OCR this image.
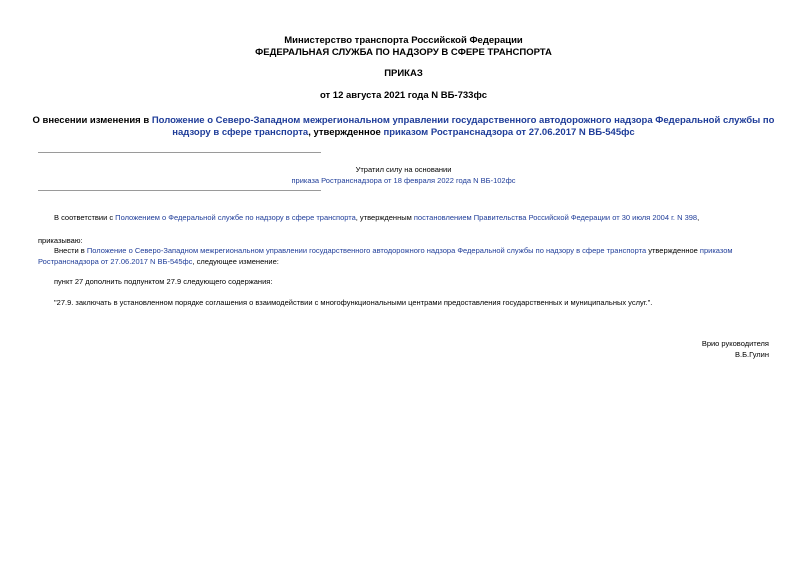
Министерство транспорта Российской Федерации
ФЕДЕРАЛЬНАЯ СЛУЖБА ПО НАДЗОРУ В СФЕРЕ ТРАНСПОРТА
ПРИКАЗ
от 12 августа 2021 года N ВБ-733фс
О внесении изменения в Положение о Северо-Западном межрегиональном управлении государственного автодорожного надзора Федеральной службы по надзору в сфере транспорта, утвержденное приказом Ространснадзора от 27.06.2017 N ВБ-545фс
Утратил силу на основании
приказа Ространснадзора от 18 февраля 2022 года N ВБ-102фс
В соответствии с Положением о Федеральной службе по надзору в сфере транспорта, утвержденным постановлением Правительства Российской Федерации от 30 июля 2004 г. N 398,
приказываю:
Внести в Положение о Северо-Западном межрегиональном управлении государственного автодорожного надзора Федеральной службы по надзору в сфере транспорта утвержденное приказом Ространснадзора от 27.06.2017 N ВБ-545фс, следующее изменение:
пункт 27 дополнить подпунктом 27.9 следующего содержания:
"27.9. заключать в установленном порядке соглашения о взаимодействии с многофункциональными центрами предоставления государственных и муниципальных услуг.".
Врио руководителя
В.Б.Гулин
